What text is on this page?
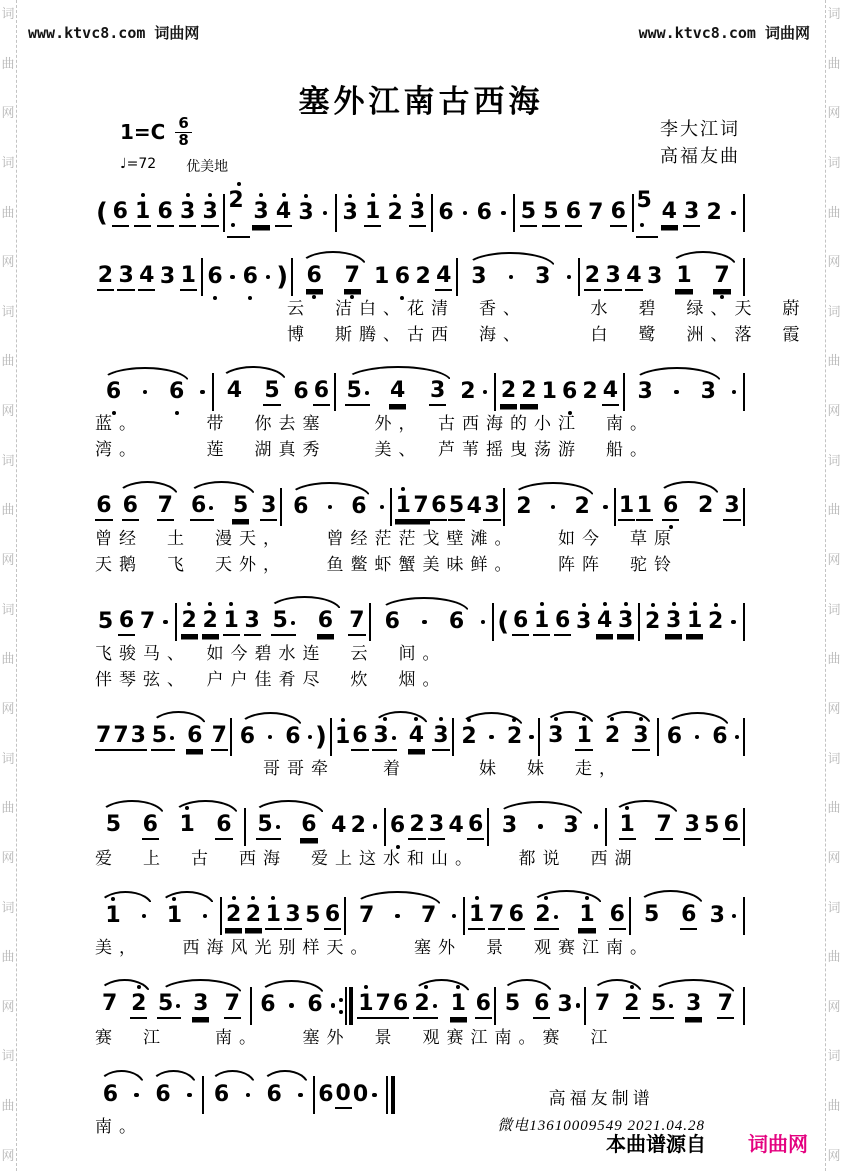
词
曲
网
词
曲
网
词
曲
网
词
曲
网
词
曲
网
词
曲
网
词
曲
网
词
曲
网
词
曲
网
词
曲
网
词
曲
网
词
曲
网
词
曲
网
词
曲
网
词
曲
网
词
曲
网
www.ktvc8.com 词曲网	www.ktvc8.com 词曲网
塞外江南古西海
$1=C \frac{6}{8}$
♩=72 优美地
李大江词
高福友曲
( 6 1 6 3 3 2 3 4 3 3 1 2 3 6 6 5 5 6 7 6 5 4 3 2
2 3 4 3 1 6 6 ) 6 7 1 6 2 4 3 3 2 3 4 3 1 7
　　　　　　　　云　洁白、花清　香、　　　水　碧　绿、天　蔚
　　　　　　　　博　斯腾、古西　海、　　　白　鹭　洲、落　霞
6 6 4 5 6 6 5	4 3 2 2 2 1 6 2 4 3 3
蓝。　　　带　你去塞　　外，　古西海的小江　南。
湾。　　　莲　湖真秀　　美、　芦苇摇曳荡游　船。
6 6 7 6	5 3 6 6 1 7 6 5 4 3 2 2 1 1 6 2 3
曾经　土　漫天，　　曾经茫茫戈壁滩。　　如今　草原
天鹅　飞　天外，　　鱼鳖虾蟹美味鲜。　　阵阵　驼铃
5 6 7 2 2 1 3 5	6 7 6 6 ( 6 1 6 3 4 3 2 3 1 2
飞骏马、　如今碧水连　云　间。
伴琴弦、　户户佳肴尽　炊　烟。
7 7 3 5 6 7 6 6 ) 1 6 3 4 3 2 2 3 1 2 3 6 6
　　　　　　　哥哥牵　　着　　　妹　妹　走，
5 6 1 6 5	6 4 2 6 2 3 4 6 3 3 1 7 3 5 6
爱　上　古　西海　爱上这水和山。　　都说　西湖
1 1 2 2 1 3 5 6 7 7 1 7 6 2	1 6 5 6 3
美，　　西海风光别样天。　　塞外　景　观赛江南。
7 2 5 3 7 6 6 1 7 6 2 1 6 5 6 3 7 2 5 3 7
赛　江　　南。　　塞外　景　观赛江南。赛　江
6 6 6 6 6 0 0
南。
高福友制谱
微电13610009549 2021.04.28
本曲谱源自 词曲网
